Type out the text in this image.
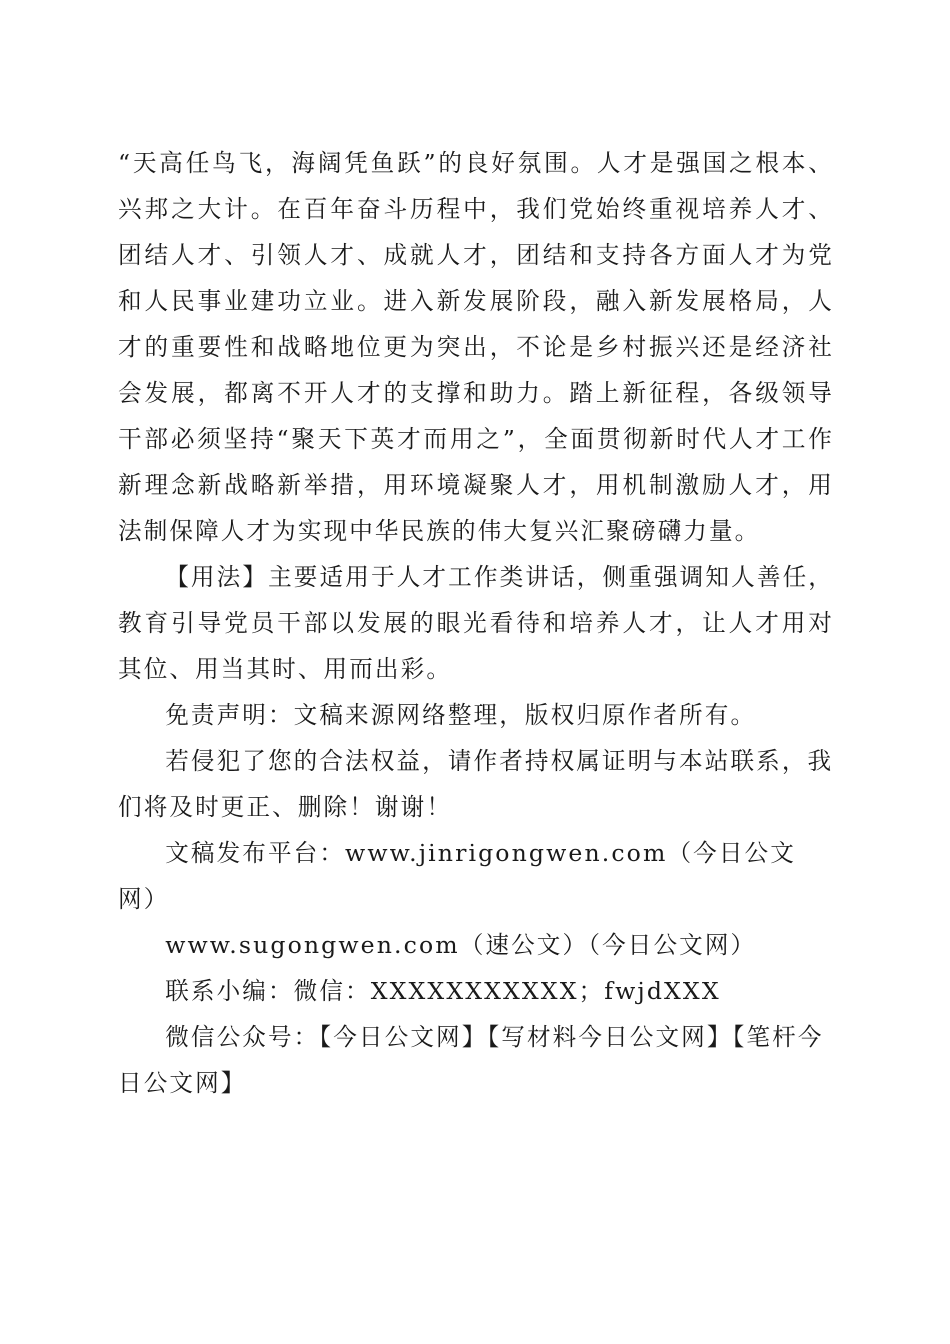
“天高任鸟飞，海阔凭鱼跃”的良好氛围。人才是强国之根本、兴邦之大计。在百年奋斗历程中，我们党始终重视培养人才、团结人才、引领人才、成就人才，团结和支持各方面人才为党和人民事业建功立业。进入新发展阶段，融入新发展格局，人才的重要性和战略地位更为突出，不论是乡村振兴还是经济社会发展，都离不开人才的支撑和助力。踏上新征程，各级领导干部必须坚持“聚天下英才而用之”，全面贯彻新时代人才工作新理念新战略新举措，用环境凝聚人才，用机制激励人才，用法制保障人才为实现中华民族的伟大复兴汇聚磅礴力量。

【用法】主要适用于人才工作类讲话，侧重强调知人善任，教育引导党员干部以发展的眼光看待和培养人才，让人才用对其位、用当其时、用而出彩。

免责声明：文稿来源网络整理，版权归原作者所有。

若侵犯了您的合法权益，请作者持权属证明与本站联系，我们将及时更正、删除！谢谢！

文稿发布平台：www.jinrigongwen.com（今日公文网）

www.sugongwen.com（速公文）（今日公文网）

联系小编：微信：XXXXXXXXXXX；fwjdXXX

微信公众号：【今日公文网】【写材料今日公文网】【笔杆今日公文网】
